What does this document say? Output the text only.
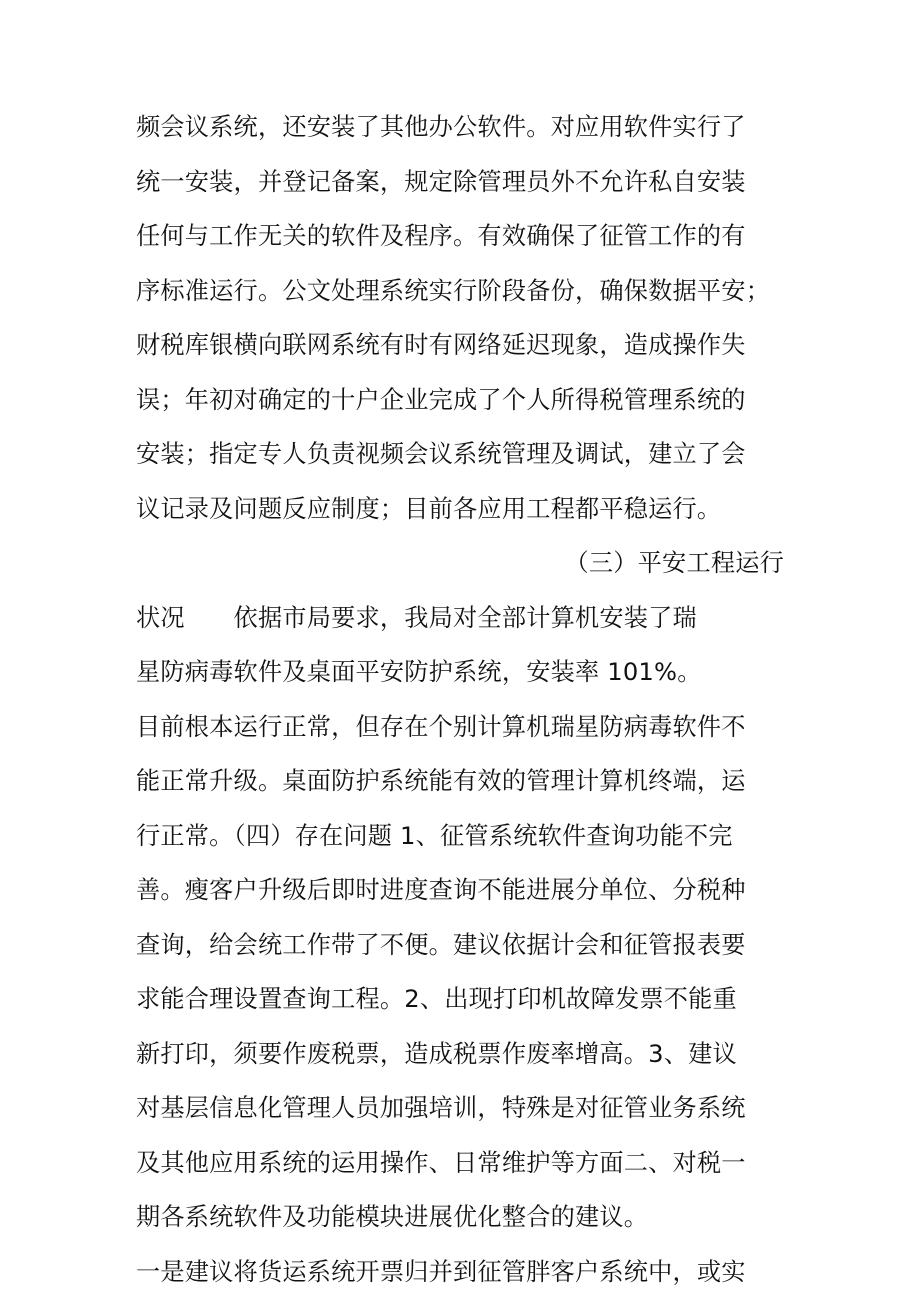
频会议系统，还安装了其他办公软件。对应用软件实行了
统一安装，并登记备案，规定除管理员外不允许私自安装
任何与工作无关的软件及程序。有效确保了征管工作的有
序标准运行。公文处理系统实行阶段备份，确保数据平安；
财税库银横向联网系统有时有网络延迟现象，造成操作失
误；年初对确定的十户企业完成了个人所得税管理系统的
安装；指定专人负责视频会议系统管理及调试，建立了会
议记录及问题反应制度；目前各应用工程都平稳运行。
（三）平安工程运行
状况　　依据市局要求，我局对全部计算机安装了瑞
星防病毒软件及桌面平安防护系统，安装率 101%。
目前根本运行正常，但存在个别计算机瑞星防病毒软件不
能正常升级。桌面防护系统能有效的管理计算机终端，运
行正常。（四）存在问题 1、征管系统软件查询功能不完
善。瘦客户升级后即时进度查询不能进展分单位、分税种
查询，给会统工作带了不便。建议依据计会和征管报表要
求能合理设置查询工程。2、出现打印机故障发票不能重
新打印，须要作废税票，造成税票作废率增高。3、建议
对基层信息化管理人员加强培训，特殊是对征管业务系统
及其他应用系统的运用操作、日常维护等方面二、对税一
期各系统软件及功能模块进展优化整合的建议。
一是建议将货运系统开票归并到征管胖客户系统中，或实
